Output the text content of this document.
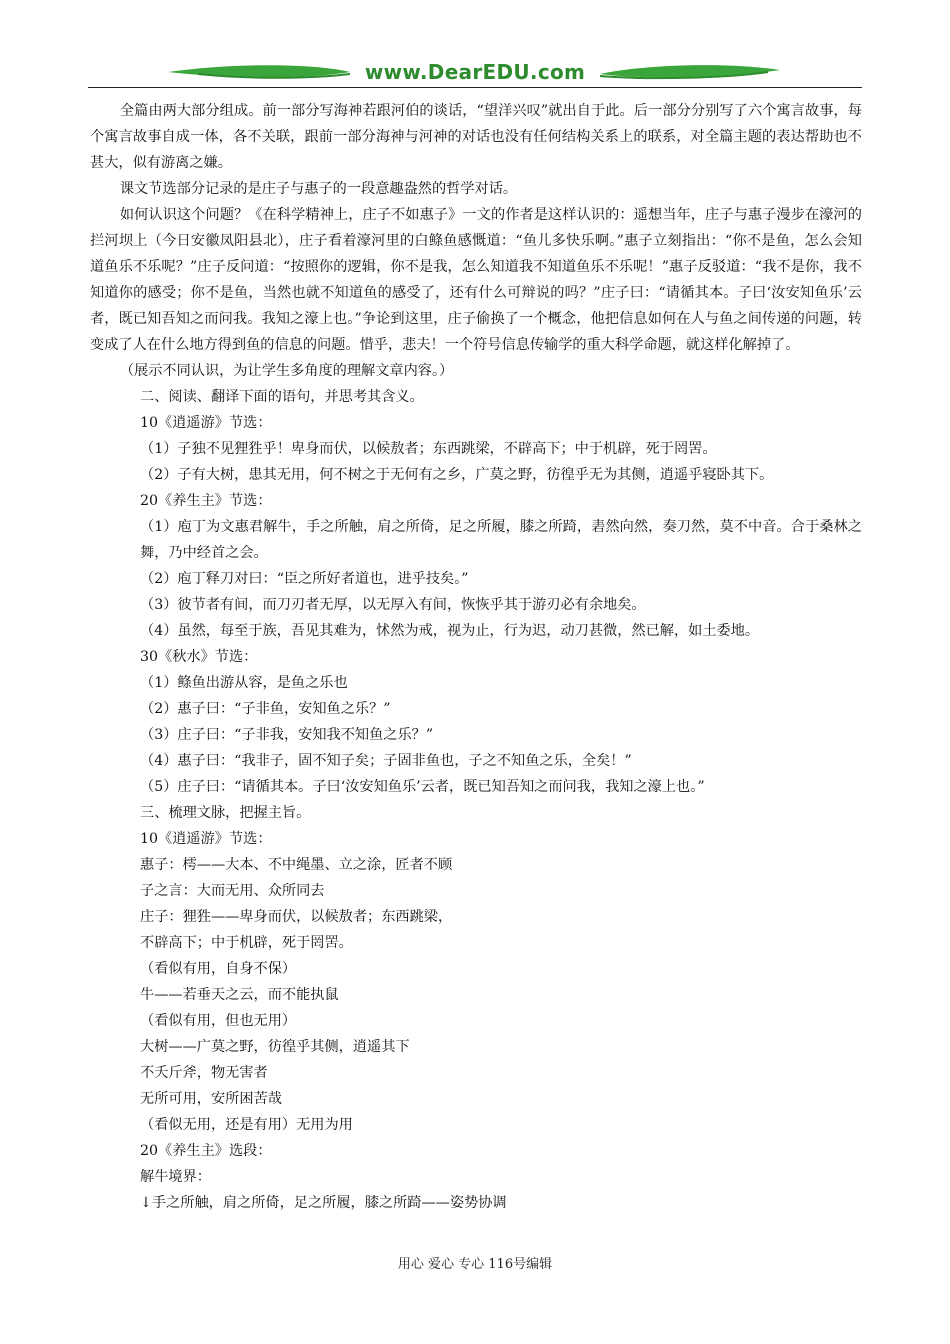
www.DearEDU.com

全篇由两大部分组成。前一部分写海神若跟河伯的谈话，“望洋兴叹”就出自于此。后一部分分别写了六个寓言故事，每个寓言故事自成一体，各不关联，跟前一部分海神与河神的对话也没有任何结构关系上的联系，对全篇主题的表达帮助也不甚大，似有游离之嫌。

课文节选部分记录的是庄子与惠子的一段意趣盎然的哲学对话。

如何认识这个问题？《在科学精神上，庄子不如惠子》一文的作者是这样认识的：遥想当年，庄子与惠子漫步在濠河的拦河坝上（今日安徽凤阳县北），庄子看着濠河里的白鲦鱼感慨道：“鱼儿多快乐啊。”惠子立刻指出：“你不是鱼，怎么会知道鱼乐不乐呢？”庄子反问道：“按照你的逻辑，你不是我，怎么知道我不知道鱼乐不乐呢！”惠子反驳道：“我不是你，我不知道你的感受；你不是鱼，当然也就不知道鱼的感受了，还有什么可辩说的吗？”庄子曰：“请循其本。子曰‘汝安知鱼乐’云者，既已知吾知之而问我。我知之濠上也。”争论到这里，庄子偷换了一个概念，他把信息如何在人与鱼之间传递的问题，转变成了人在什么地方得到鱼的信息的问题。惜乎，悲夫！一个符号信息传输学的重大科学命题，就这样化解掉了。

（展示不同认识，为让学生多角度的理解文章内容。）

二、阅读、翻译下面的语句，并思考其含义。

10《逍遥游》节选：

（1）子独不见狸狌乎！卑身而伏，以候敖者；东西跳梁，不辟高下；中于机辟，死于罔罟。

（2）子有大树，患其无用，何不树之于无何有之乡，广莫之野，彷徨乎无为其侧，逍遥乎寝卧其下。

20《养生主》节选：

（1）庖丁为文惠君解牛，手之所触，肩之所倚，足之所履，膝之所踦，砉然向然，奏刀然，莫不中音。合于桑林之舞，乃中经首之会。

（2）庖丁释刀对曰：“臣之所好者道也，进乎技矣。”

（3）彼节者有间，而刀刃者无厚，以无厚入有间，恢恢乎其于游刃必有余地矣。

（4）虽然，每至于族，吾见其难为，怵然为戒，视为止，行为迟，动刀甚微，然已解，如土委地。

30《秋水》节选：

（1）鲦鱼出游从容，是鱼之乐也

（2）惠子曰：“子非鱼，安知鱼之乐？”

（3）庄子曰：“子非我，安知我不知鱼之乐？”

（4）惠子曰：“我非子，固不知子矣；子固非鱼也，子之不知鱼之乐，全矣！”

（5）庄子曰：“请循其本。子曰‘汝安知鱼乐’云者，既已知吾知之而问我，我知之濠上也。”

三、梳理文脉，把握主旨。

10《逍遥游》节选：

惠子：樗——大本、不中绳墨、立之涂，匠者不顾

子之言：大而无用、众所同去

庄子：狸狌——卑身而伏，以候敖者；东西跳梁，

不辟高下；中于机辟，死于罔罟。

（看似有用，自身不保）

牛——若垂天之云，而不能执鼠

（看似有用，但也无用）

大树——广莫之野，彷徨乎其侧，逍遥其下

不夭斤斧，物无害者

无所可用，安所困苦哉

（看似无用，还是有用）无用为用

20《养生主》选段：

解牛境界：

↓手之所触，肩之所倚，足之所履，膝之所踦——姿势协调

用心 爱心 专心 116号编辑
